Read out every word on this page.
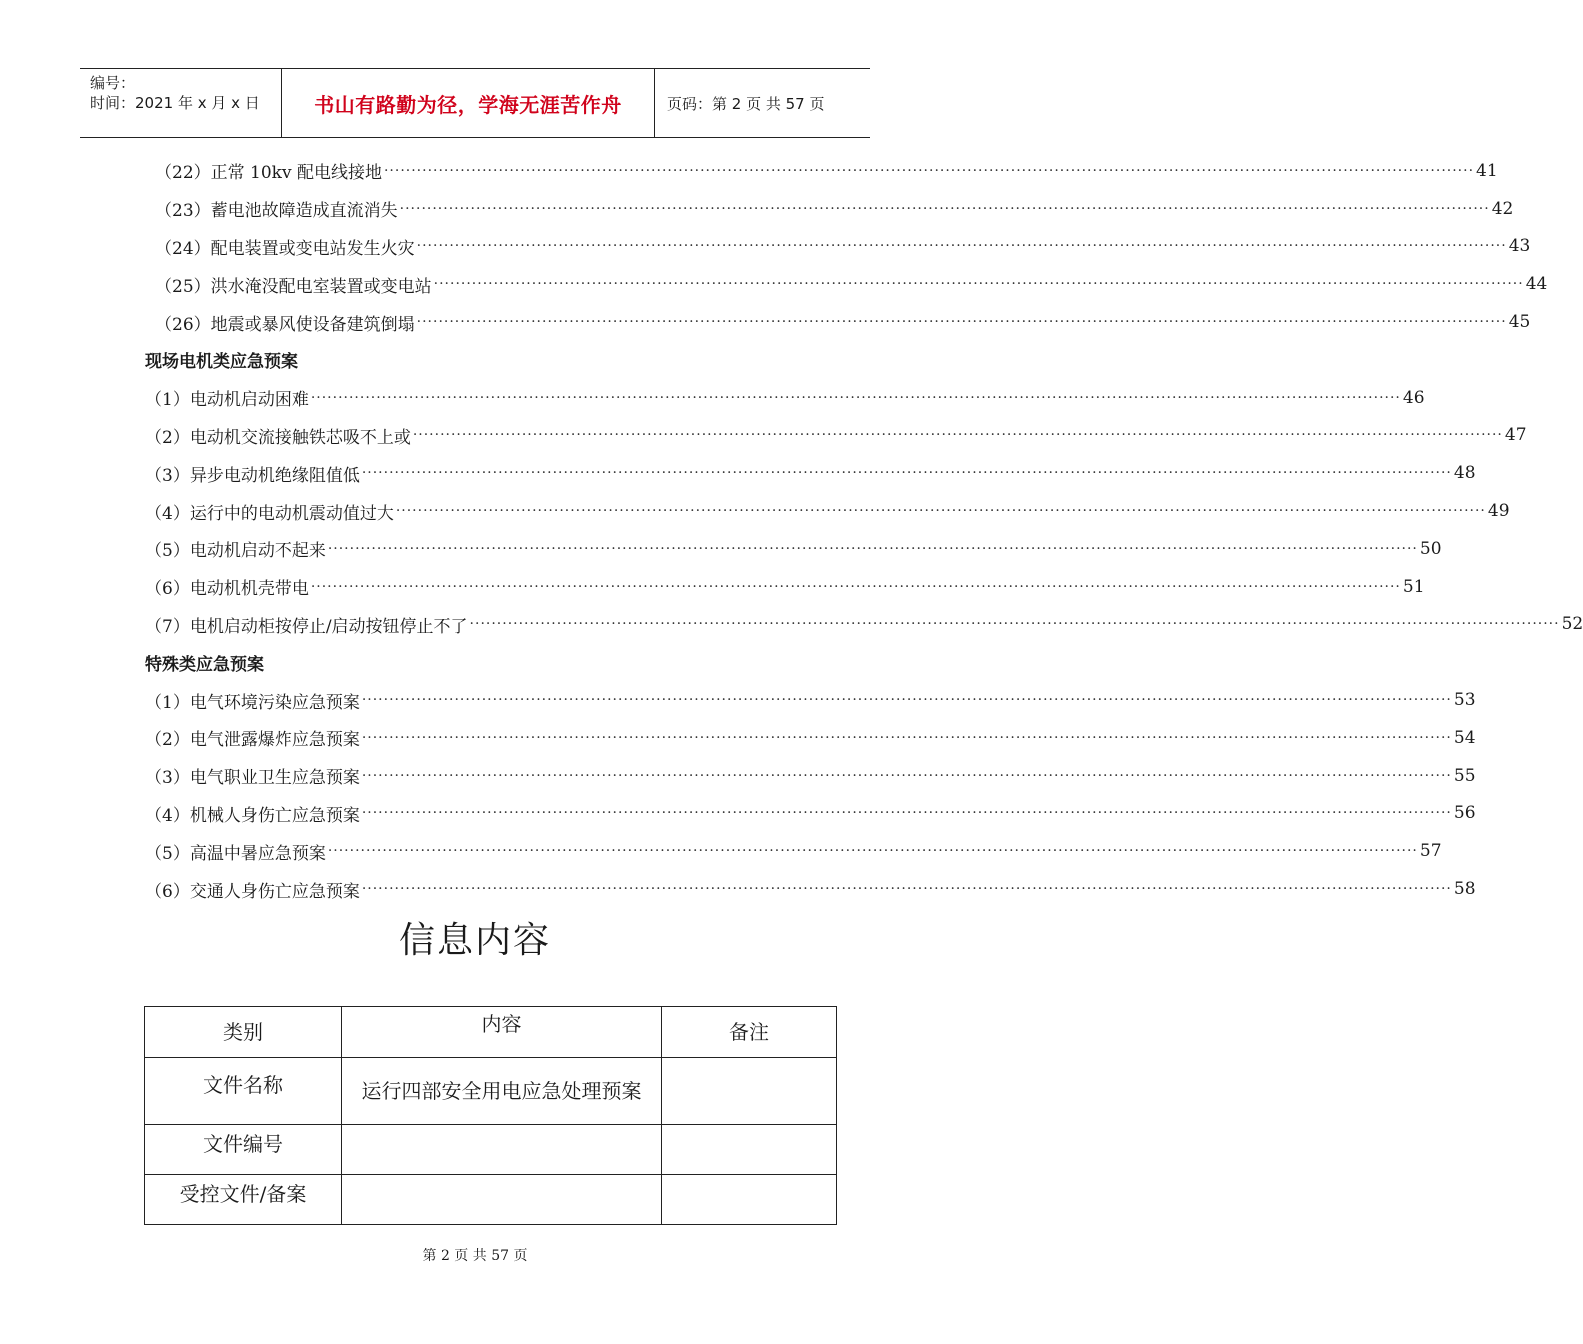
编号：
时间：2021 年 x 月 x 日	书山有路勤为径，学海无涯苦作舟	页码：第 2 页 共 57 页
（22）正常 10kv 配电线接地 ········································································································································································································ 41
（23）蓄电池故障造成直流消失 ········································································································································································································ 42
（24）配电装置或变电站发生火灾 ········································································································································································································ 43
（25）洪水淹没配电室装置或变电站 ········································································································································································································ 44
（26）地震或暴风使设备建筑倒塌 ········································································································································································································ 45
现场电机类应急预案
（1）电动机启动困难 ········································································································································································································ 46
（2）电动机交流接触铁芯吸不上或 ········································································································································································································ 47
（3）异步电动机绝缘阻值低 ········································································································································································································ 48
（4）运行中的电动机震动值过大 ········································································································································································································ 49
（5）电动机启动不起来 ········································································································································································································ 50
（6）电动机机壳带电 ········································································································································································································ 51
（7）电机启动柜按停止/启动按钮停止不了 ········································································································································································································ 52
特殊类应急预案
（1）电气环境污染应急预案 ········································································································································································································ 53
（2）电气泄露爆炸应急预案 ········································································································································································································ 54
（3）电气职业卫生应急预案 ········································································································································································································ 55
（4）机械人身伤亡应急预案 ········································································································································································································ 56
（5）高温中暑应急预案 ········································································································································································································ 57
（6）交通人身伤亡应急预案 ········································································································································································································ 58
信息内容
类别	内容	备注
文件名称	运行四部安全用电应急处理预案	
文件编号		
受控文件/备案		
第 2 页 共 57 页
